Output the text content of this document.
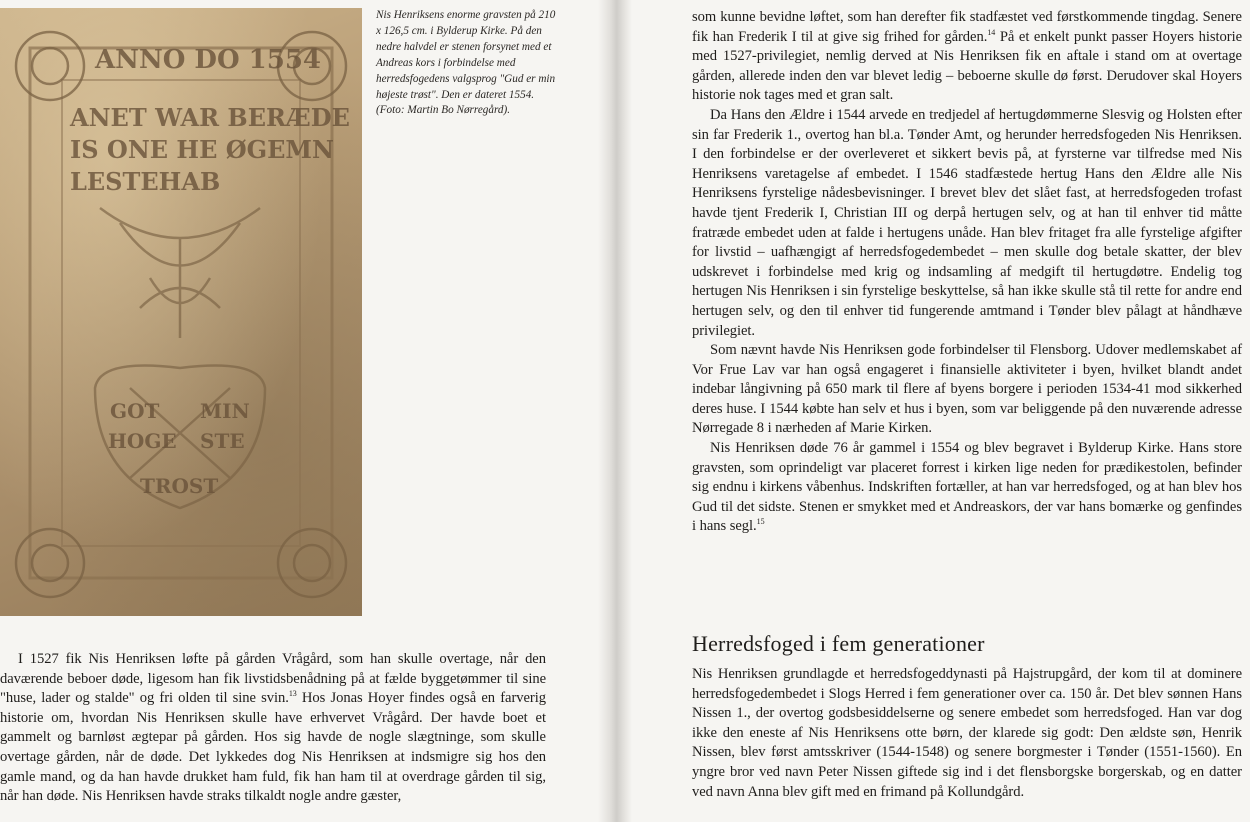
ANNO DO 1554
ANET WAR BERÆDE
IS ONE HE ØGEMN
LESTEHAB
GOT MIN
HOGE STE
TROST
Nis Henriksens enorme gravsten på 210 x 126,5 cm. i Bylderup Kirke. På den nedre halvdel er stenen forsynet med et Andreas kors i forbindelse med herredsfogedens valgsprog "Gud er min højeste trøst". Den er dateret 1554. (Foto: Martin Bo Nørregård).

I 1527 fik Nis Henriksen løfte på gården Vrågård, som han skulle overtage, når den daværende beboer døde, ligesom han fik livstidsbenådning på at fælde byggetømmer til sine "huse, lader og stalde" og fri olden til sine svin.$^{13}$ Hos Jonas Hoyer findes også en farverig historie om, hvordan Nis Henriksen skulle have erhvervet Vrågård. Der havde boet et gammelt og barnløst ægtepar på gården. Hos sig havde de nogle slægtninge, som skulle overtage gården, når de døde. Det lykkedes dog Nis Henriksen at indsmigre sig hos den gamle mand, og da han havde drukket ham fuld, fik han ham til at overdrage gården til sig, når han døde. Nis Henriksen havde straks tilkaldt nogle andre gæster,

som kunne bevidne løftet, som han derefter fik stadfæstet ved førstkommende tingdag. Senere fik han Frederik I til at give sig frihed for gården.$^{14}$ På et enkelt punkt passer Hoyers historie med 1527-privilegiet, nemlig derved at Nis Henriksen fik en aftale i stand om at overtage gården, allerede inden den var blevet ledig – beboerne skulle dø først. Derudover skal Hoyers historie nok tages med et gran salt.

Da Hans den Ældre i 1544 arvede en tredjedel af hertugdømmerne Slesvig og Holsten efter sin far Frederik 1., overtog han bl.a. Tønder Amt, og herunder herredsfogeden Nis Henriksen. I den forbindelse er der overleveret et sikkert bevis på, at fyrsterne var tilfredse med Nis Henriksens varetagelse af embedet. I 1546 stadfæstede hertug Hans den Ældre alle Nis Henriksens fyrstelige nådesbevisninger. I brevet blev det slået fast, at herredsfogeden trofast havde tjent Frederik I, Christian III og derpå hertugen selv, og at han til enhver tid måtte fratræde embedet uden at falde i hertugens unåde. Han blev fritaget fra alle fyrstelige afgifter for livstid – uafhængigt af herredsfogedembedet – men skulle dog betale skatter, der blev udskrevet i forbindelse med krig og indsamling af medgift til hertugdøtre. Endelig tog hertugen Nis Henriksen i sin fyrstelige beskyttelse, så han ikke skulle stå til rette for andre end hertugen selv, og den til enhver tid fungerende amtmand i Tønder blev pålagt at håndhæve privilegiet.

Som nævnt havde Nis Henriksen gode forbindelser til Flensborg. Udover medlemskabet af Vor Frue Lav var han også engageret i finansielle aktiviteter i byen, hvilket blandt andet indebar långivning på 650 mark til flere af byens borgere i perioden 1534-41 mod sikkerhed deres huse. I 1544 købte han selv et hus i byen, som var beliggende på den nuværende adresse Nørregade 8 i nærheden af Marie Kirken.

Nis Henriksen døde 76 år gammel i 1554 og blev begravet i Bylderup Kirke. Hans store gravsten, som oprindeligt var placeret forrest i kirken lige neden for prædikestolen, befinder sig endnu i kirkens våbenhus. Indskriften fortæller, at han var herredsfoged, og at han blev hos Gud til det sidste. Stenen er smykket med et Andreaskors, der var hans bomærke og genfindes i hans segl.$^{15}$

Herredsfoged i fem generationer

Nis Henriksen grundlagde et herredsfogeddynasti på Hajstrupgård, der kom til at dominere herredsfogedembedet i Slogs Herred i fem generationer over ca. 150 år. Det blev sønnen Hans Nissen 1., der overtog godsbesiddelserne og senere embedet som herredsfoged. Han var dog ikke den eneste af Nis Henriksens otte børn, der klarede sig godt: Den ældste søn, Henrik Nissen, blev først amtsskriver (1544-1548) og senere borgmester i Tønder (1551-1560). En yngre bror ved navn Peter Nissen giftede sig ind i det flensborgske borgerskab, og en datter ved navn Anna blev gift med en frimand på Kollundgård.
